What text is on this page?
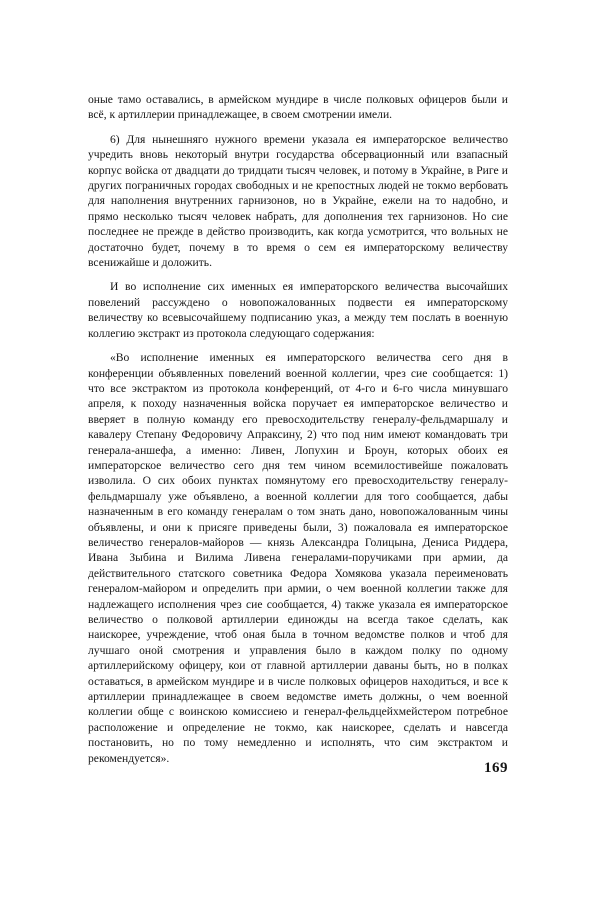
оные тамо оставались, в армейском мундире в числе полковых офицеров были и всё, к артиллерии принадлежащее, в своем смотрении имели.

6) Для нынешняго нужного времени указала ея императорское величество учредить вновь некоторый внутри государства обсервационный или взапасный корпус войска от двадцати до тридцати тысяч человек, и потому в Украйне, в Риге и других пограничных городах свободных и не крепостных людей не токмо вербовать для наполнения внутренних гарнизонов, но в Украйне, ежели на то надобно, и прямо несколько тысяч человек набрать, для дополнения тех гарнизонов. Но сие последнее не прежде в действо производить, как когда усмотрится, что вольных не достаточно будет, почему в то время о сем ея императорскому величеству всенижайше и доложить.

И во исполнение сих именных ея императорского величества высочайших повелений рассуждено о новопожалованных подвести ея императорскому величеству ко всевысочайшему подписанию указ, а между тем послать в военную коллегию экстракт из протокола следующаго содержания:

«Во исполнение именных ея императорского величества сего дня в конференции объявленных повелений военной коллегии, чрез сие сообщается: 1) что все экстрактом из протокола конференций, от 4-го и 6-го числа минувшаго апреля, к походу назначенныя войска поручает ея императорское величество и вверяет в полную команду его превосходительству генералу-фельдмаршалу и кавалеру Степану Федоровичу Апраксину, 2) что под ним имеют командовать три генерала-аншефа, а именно: Ливен, Лопухин и Броун, которых обоих ея императорское величество сего дня тем чином всемилостивейше пожаловать изволила. О сих обоих пунктах помянутому его превосходительству генералу-фельдмаршалу уже объявлено, а военной коллегии для того сообщается, дабы назначенным в его команду генералам о том знать дано, новопожалованным чины объявлены, и они к присяге приведены были, 3) пожаловала ея императорское величество генералов-майоров — князь Александра Голицына, Дениса Риддера, Ивана Зыбина и Вилима Ливена генералами-поручиками при армии, да действительного статского советника Федора Хомякова указала переименовать генералом-майором и определить при армии, о чем военной коллегии также для надлежащего исполнения чрез сие сообщается, 4) также указала ея императорское величество о полковой артиллерии единожды на всегда такое сделать, как наискорее, учреждение, чтоб оная была в точном ведомстве полков и чтоб для лучшаго оной смотрения и управления было в каждом полку по одному артиллерийскому офицеру, кои от главной артиллерии даваны быть, но в полках оставаться, в армейском мундире и в числе полковых офицеров находиться, и все к артиллерии принадлежащее в своем ведомстве иметь должны, о чем военной коллегии обще с воинскою комиссиею и генерал-фельдцейхмейстером потребное расположение и определение не токмо, как наискорее, сделать и навсегда постановить, но по тому немедленно и исполнять, что сим экстрактом и рекомендуется».

169
